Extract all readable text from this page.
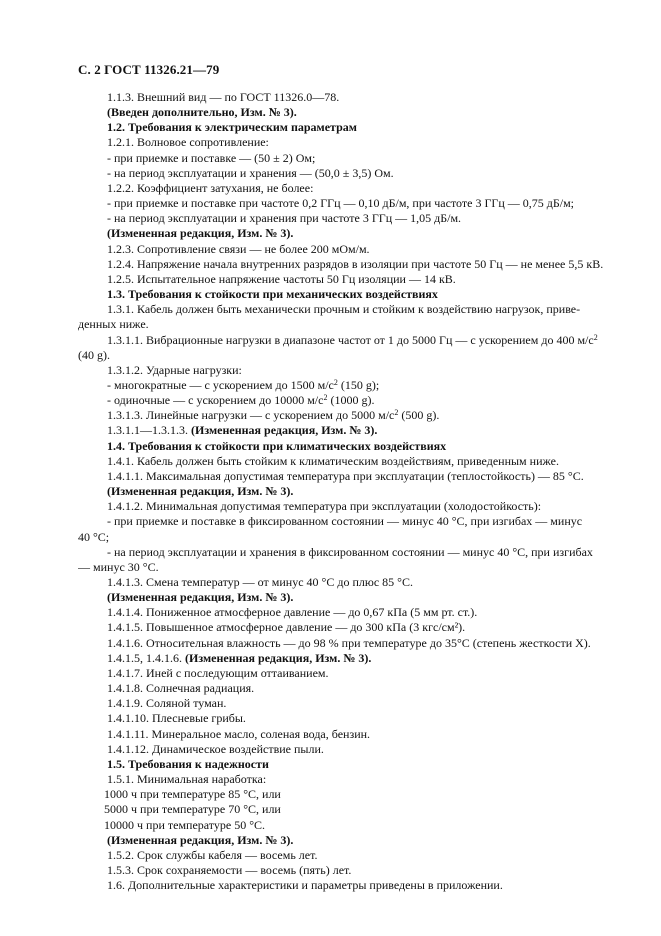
С. 2 ГОСТ 11326.21—79
1.1.3. Внешний вид — по ГОСТ 11326.0—78.
(Введен дополнительно, Изм. № 3).
1.2. Требования к электрическим параметрам
1.2.1. Волновое сопротивление:
- при приемке и поставке — (50 ± 2) Ом;
- на период эксплуатации и хранения — (50,0 ± 3,5) Ом.
1.2.2. Коэффициент затухания, не более:
- при приемке и поставке при частоте 0,2 ГГц — 0,10 дБ/м, при частоте 3 ГГц — 0,75 дБ/м;
- на период эксплуатации и хранения при частоте 3 ГГц — 1,05 дБ/м.
(Измененная редакция, Изм. № 3).
1.2.3. Сопротивление связи — не более 200 мОм/м.
1.2.4. Напряжение начала внутренних разрядов в изоляции при частоте 50 Гц — не менее 5,5 кВ.
1.2.5. Испытательное напряжение частоты 50 Гц изоляции — 14 кВ.
1.3. Требования к стойкости при механических воздействиях
1.3.1. Кабель должен быть механически прочным и стойким к воздействию нагрузок, приве-
денных ниже.
1.3.1.1. Вибрационные нагрузки в диапазоне частот от 1 до 5000 Гц — с ускорением до 400 $м/с^2$
(40 g).
1.3.1.2. Ударные нагрузки:
- многократные — с ускорением до 1500 $м/с^2$ (150 g);
- одиночные — с ускорением до 10000 $м/с^2$ (1000 g).
1.3.1.3. Линейные нагрузки — с ускорением до 5000 $м/с^2$ (500 g).
1.3.1.1—1.3.1.3. (Измененная редакция, Изм. № 3).
1.4. Требования к стойкости при климатических воздействиях
1.4.1. Кабель должен быть стойким к климатическим воздействиям, приведенным ниже.
1.4.1.1. Максимальная допустимая температура при эксплуатации (теплостойкость) — 85 °С.
(Измененная редакция, Изм. № 3).
1.4.1.2. Минимальная допустимая температура при эксплуатации (холодостойкость):
- при приемке и поставке в фиксированном состоянии — минус 40 °С, при изгибах — минус
40 °С;
- на период эксплуатации и хранения в фиксированном состоянии — минус 40 °С, при изгибах
— минус 30 °С.
1.4.1.3. Смена температур — от минус 40 °С до плюс 85 °С.
(Измененная редакция, Изм. № 3).
1.4.1.4. Пониженное атмосферное давление — до 0,67 кПа (5 мм рт. ст.).
1.4.1.5. Повышенное атмосферное давление — до 300 кПа (3 кгс/см²).
1.4.1.6. Относительная влажность — до 98 % при температуре до 35°С (степень жесткости X).
1.4.1.5, 1.4.1.6. (Измененная редакция, Изм. № 3).
1.4.1.7. Иней с последующим оттаиванием.
1.4.1.8. Солнечная радиация.
1.4.1.9. Соляной туман.
1.4.1.10. Плесневые грибы.
1.4.1.11. Минеральное масло, соленая вода, бензин.
1.4.1.12. Динамическое воздействие пыли.
1.5. Требования к надежности
1.5.1. Минимальная наработка:
1000 ч при температуре 85 °С, или
5000 ч при температуре 70 °С, или
10000 ч при температуре 50 °С.
(Измененная редакция, Изм. № 3).
1.5.2. Срок службы кабеля — восемь лет.
1.5.3. Срок сохраняемости — восемь (пять) лет.
1.6. Дополнительные характеристики и параметры приведены в приложении.
